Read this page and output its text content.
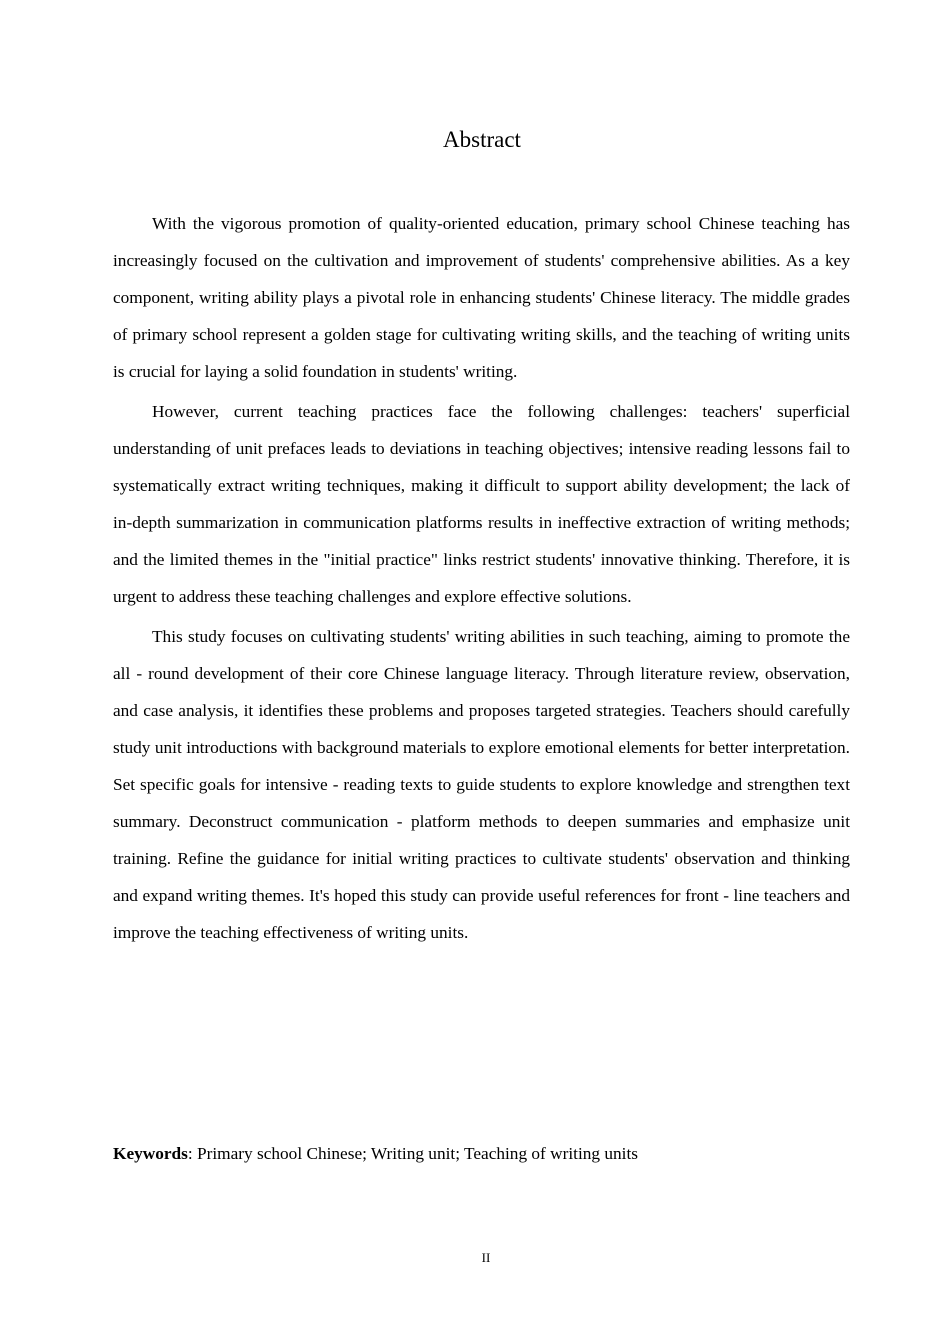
Abstract

With the vigorous promotion of quality-oriented education, primary school Chinese teaching has increasingly focused on the cultivation and improvement of students' comprehensive abilities. As a key component, writing ability plays a pivotal role in enhancing students' Chinese literacy. The middle grades of primary school represent a golden stage for cultivating writing skills, and the teaching of writing units is crucial for laying a solid foundation in students' writing.

However, current teaching practices face the following challenges: teachers' superficial understanding of unit prefaces leads to deviations in teaching objectives; intensive reading lessons fail to systematically extract writing techniques, making it difficult to support ability development; the lack of in-depth summarization in communication platforms results in ineffective extraction of writing methods; and the limited themes in the "initial practice" links restrict students' innovative thinking. Therefore, it is urgent to address these teaching challenges and explore effective solutions.

This study focuses on cultivating students' writing abilities in such teaching, aiming to promote the all - round development of their core Chinese language literacy. Through literature review, observation, and case analysis, it identifies these problems and proposes targeted strategies. Teachers should carefully study unit introductions with background materials to explore emotional elements for better interpretation. Set specific goals for intensive - reading texts to guide students to explore knowledge and strengthen text summary. Deconstruct communication - platform methods to deepen summaries and emphasize unit training. Refine the guidance for initial writing practices to cultivate students' observation and thinking and expand writing themes. It's hoped this study can provide useful references for front - line teachers and improve the teaching effectiveness of writing units.

Keywords: Primary school Chinese; Writing unit; Teaching of writing units
II
